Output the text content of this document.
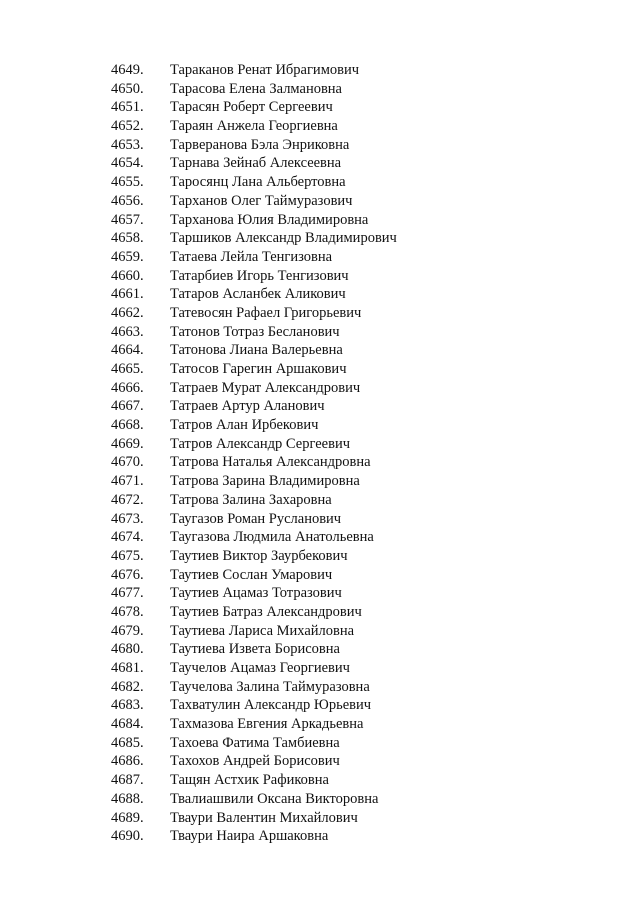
4649. Тараканов Ренат Ибрагимович
4650. Тарасова Елена Залмановна
4651. Тарасян Роберт Сергеевич
4652. Тараян Анжела Георгиевна
4653. Тарверанова Бэла Энриковна
4654. Тарнава Зейнаб Алексеевна
4655. Таросянц Лана Альбертовна
4656. Тарханов Олег Таймуразович
4657. Тарханова Юлия Владимировна
4658. Таршиков Александр Владимирович
4659. Татаева Лейла Тенгизовна
4660. Татарбиев Игорь Тенгизович
4661. Татаров Асланбек Аликович
4662. Татевосян Рафаел Григорьевич
4663. Татонов Тотраз Беcланович
4664. Татонова Лиана Валерьевна
4665. Татосов Гарегин Аршакович
4666. Татраев Мурат Александрович
4667. Татраев Артур Аланович
4668. Татров Алан Ирбекович
4669. Татров Александр Сергеевич
4670. Татрова Наталья Александровна
4671. Татрова Зарина Владимировна
4672. Татрова Залина Захаровна
4673. Таугазов Роман Русланович
4674. Таугазова Людмила Анатольевна
4675. Таутиев Виктор Заурбекович
4676. Таутиев Сослан Умарович
4677. Таутиев Ацамаз Тотразович
4678. Таутиев Батраз Александрович
4679. Таутиева Лариса Михайловна
4680. Таутиева Извета Борисовна
4681. Таучелов Ацамаз Георгиевич
4682. Таучелова Залина Таймуразовна
4683. Тахватулин Александр Юрьевич
4684. Тахмазова Евгения Аркадьевна
4685. Тахоева Фатима Тамбиевна
4686. Тахохов Андрей Борисович
4687. Тащян Астхик Рафиковна
4688. Твалиашвили Оксана Викторовна
4689. Тваури Валентин Михайлович
4690. Тваури Наира Аршаковна
